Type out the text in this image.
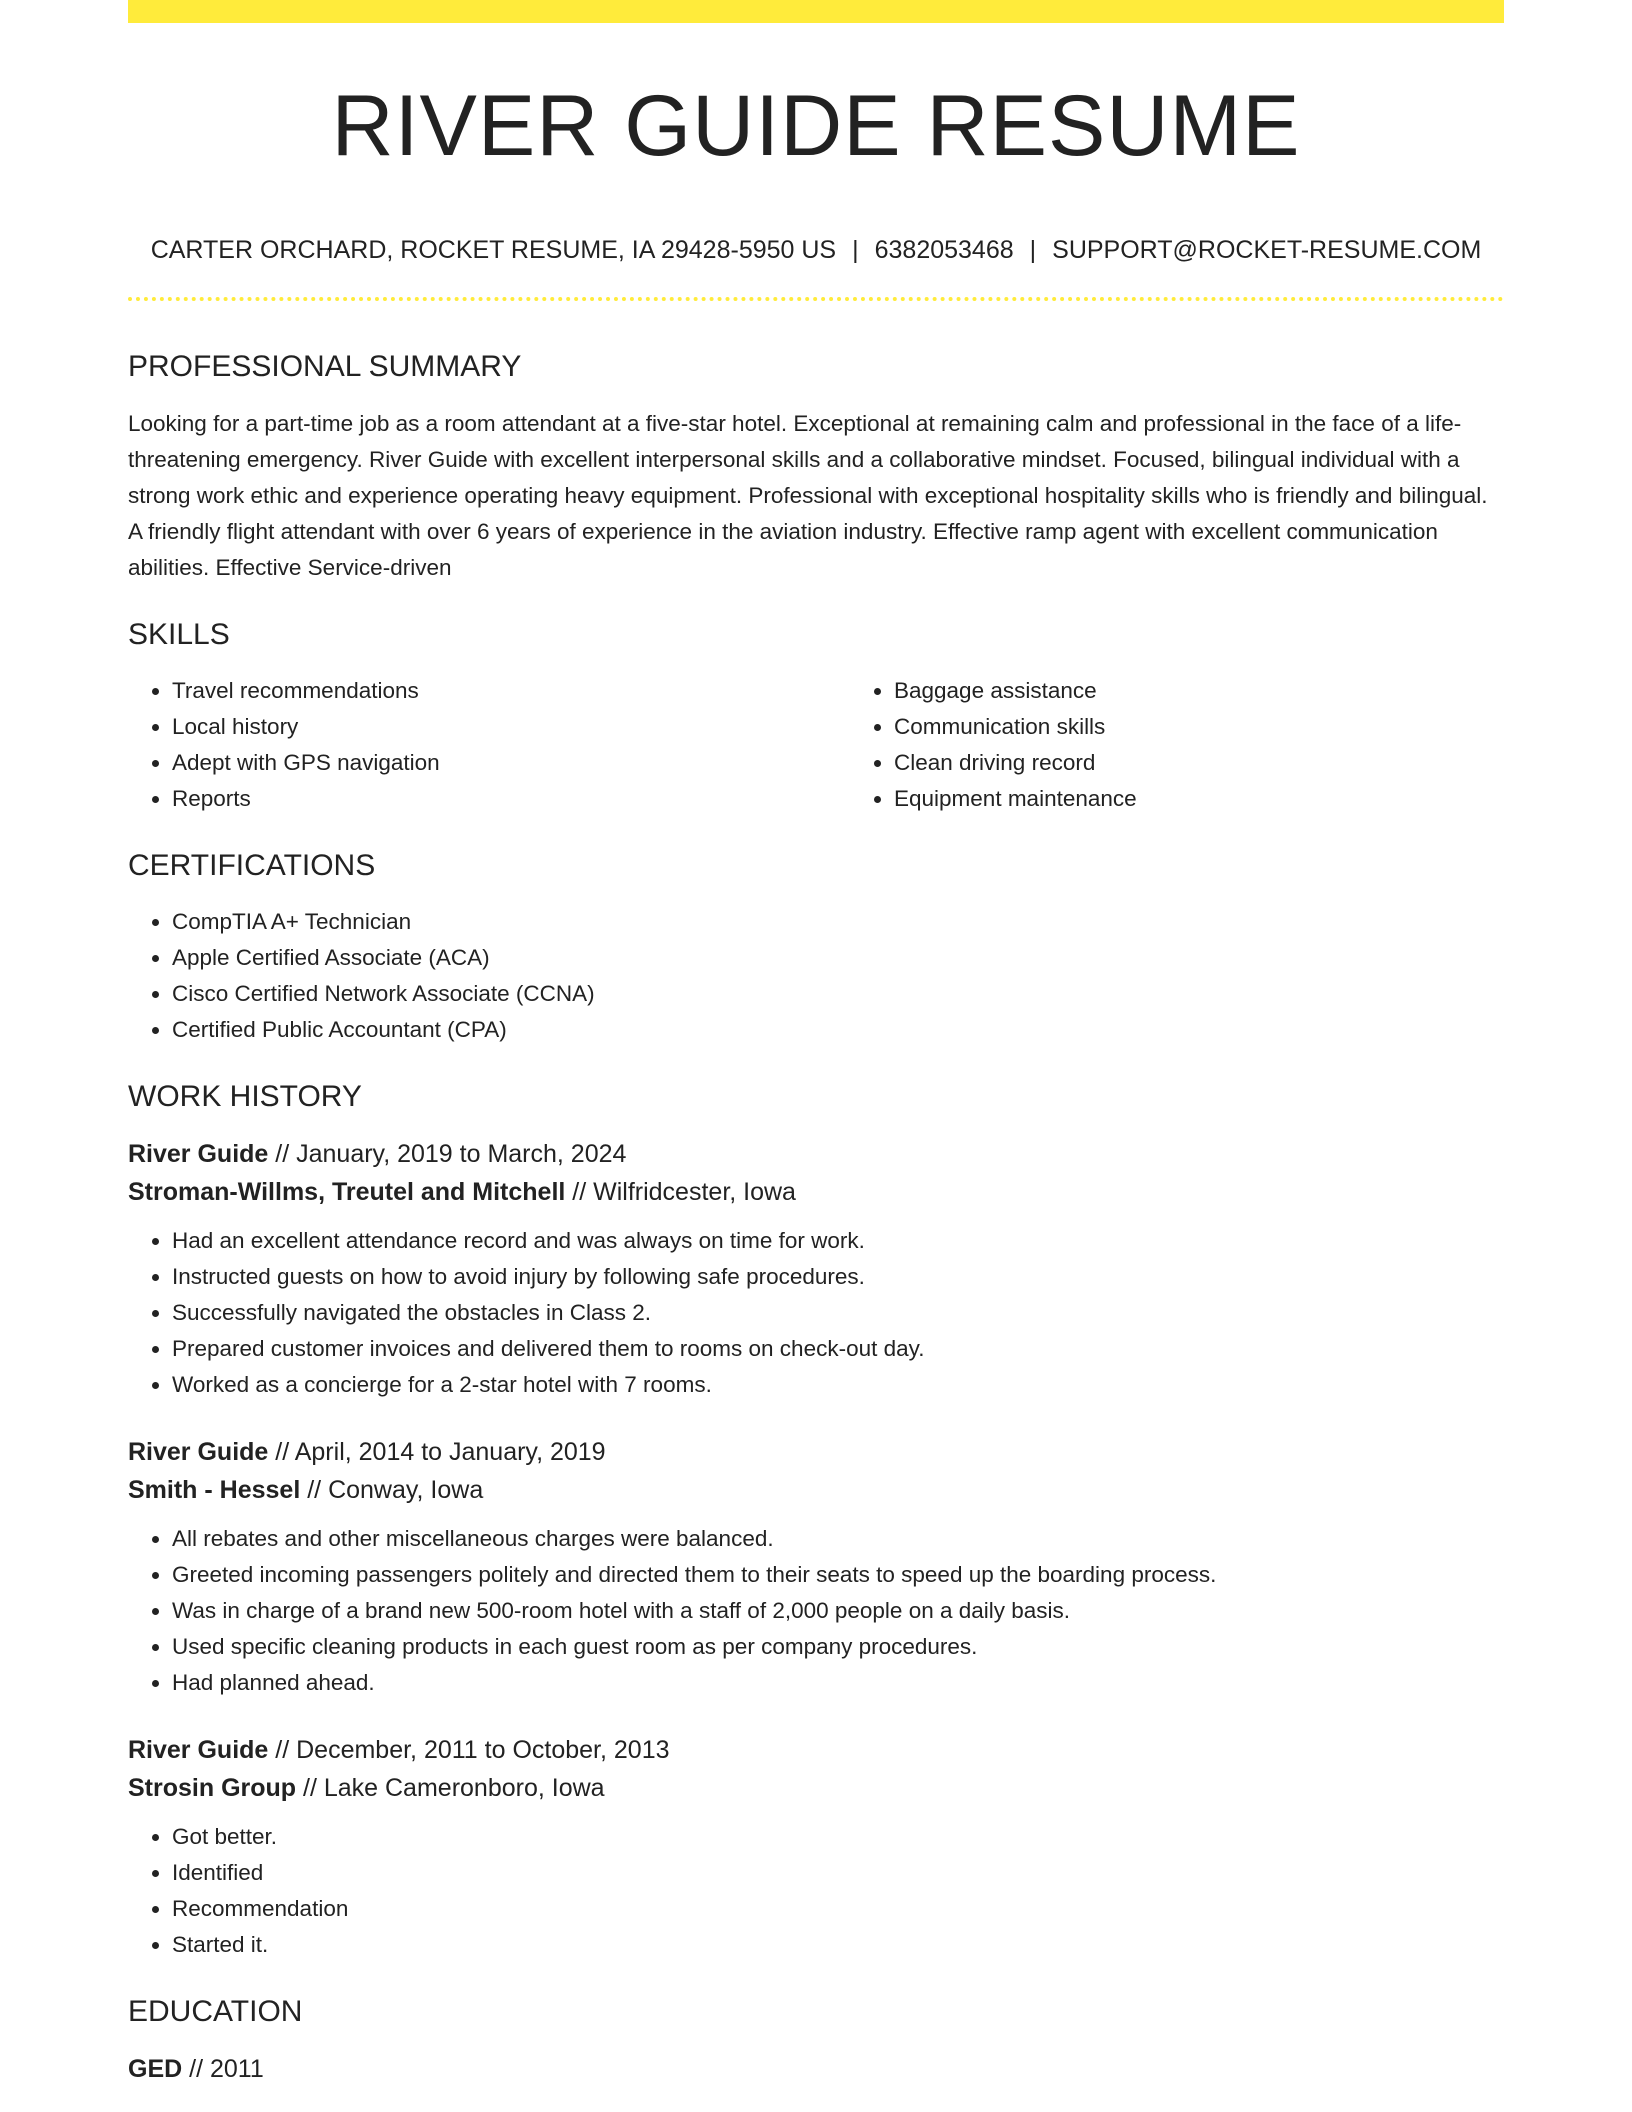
RIVER GUIDE RESUME
CARTER ORCHARD, ROCKET RESUME, IA 29428-5950 US | 6382053468 | SUPPORT@ROCKET-RESUME.COM
PROFESSIONAL SUMMARY

Looking for a part-time job as a room attendant at a five-star hotel. Exceptional at remaining calm and professional in the face of a life-threatening emergency. River Guide with excellent interpersonal skills and a collaborative mindset. Focused, bilingual individual with a strong work ethic and experience operating heavy equipment. Professional with exceptional hospitality skills who is friendly and bilingual. A friendly flight attendant with over 6 years of experience in the aviation industry. Effective ramp agent with excellent communication abilities. Effective Service-driven

SKILLS
• Travel recommendations
• Local history
• Adept with GPS navigation
• Reports
• Baggage assistance
• Communication skills
• Clean driving record
• Equipment maintenance
CERTIFICATIONS
• CompTIA A+ Technician
• Apple Certified Associate (ACA)
• Cisco Certified Network Associate (CCNA)
• Certified Public Accountant (CPA)
WORK HISTORY
River Guide // January, 2019 to March, 2024
Stroman-Willms, Treutel and Mitchell // Wilfridcester, Iowa
• Had an excellent attendance record and was always on time for work.
• Instructed guests on how to avoid injury by following safe procedures.
• Successfully navigated the obstacles in Class 2.
• Prepared customer invoices and delivered them to rooms on check-out day.
• Worked as a concierge for a 2-star hotel with 7 rooms.
River Guide // April, 2014 to January, 2019
Smith - Hessel // Conway, Iowa
• All rebates and other miscellaneous charges were balanced.
• Greeted incoming passengers politely and directed them to their seats to speed up the boarding process.
• Was in charge of a brand new 500-room hotel with a staff of 2,000 people on a daily basis.
• Used specific cleaning products in each guest room as per company procedures.
• Had planned ahead.
River Guide // December, 2011 to October, 2013
Strosin Group // Lake Cameronboro, Iowa
• Got better.
• Identified
• Recommendation
• Started it.
EDUCATION
GED // 2011
